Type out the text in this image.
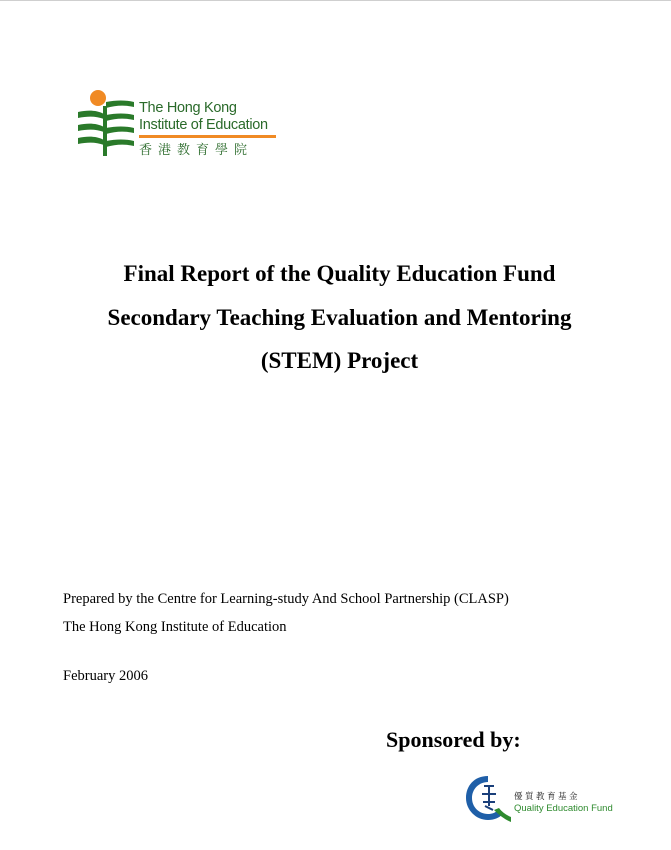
The Hong Kong
Institute of Education
香港教育學院
Final Report of the Quality Education Fund
Secondary Teaching Evaluation and Mentoring
(STEM) Project
Prepared by the Centre for Learning-study And School Partnership (CLASP)
The Hong Kong Institute of Education
February 2006
Sponsored by:
優質教育基金
Quality Education Fund
